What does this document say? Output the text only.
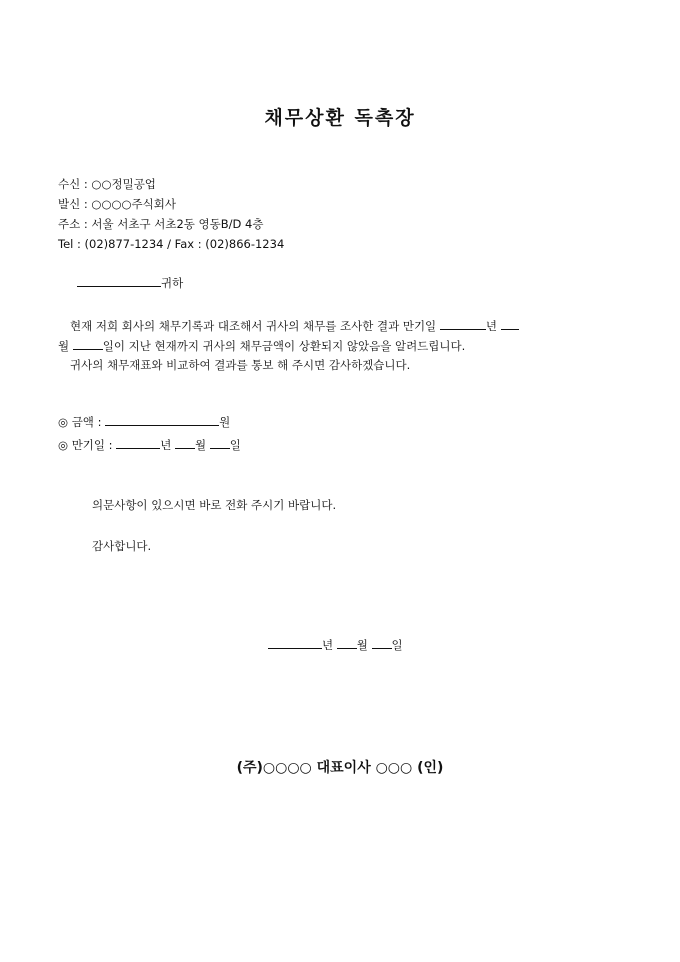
채무상환 독촉장
수신 : ○○정밀공업
발신 : ○○○○주식회사
주소 : 서울 서초구 서초2동 영동B/D 4층
Tel : (02)877-1234 / Fax : (02)866-1234
귀하
현재 저희 회사의 채무기록과 대조해서 귀사의 채무를 조사한 결과 만기일	년
월	일이 지난 현재까지 귀사의 채무금액이 상환되지 않았음을 알려드립니다.
귀사의 채무재표와 비교하여 결과를 통보 해 주시면 감사하겠습니다.
◎ 금액 :	원
◎ 만기일 :	년 월 일
의문사항이 있으시면 바로 전화 주시기 바랍니다.
감사합니다.
년 월 일
(주)○○○○ 대표이사 ○○○ (인)
